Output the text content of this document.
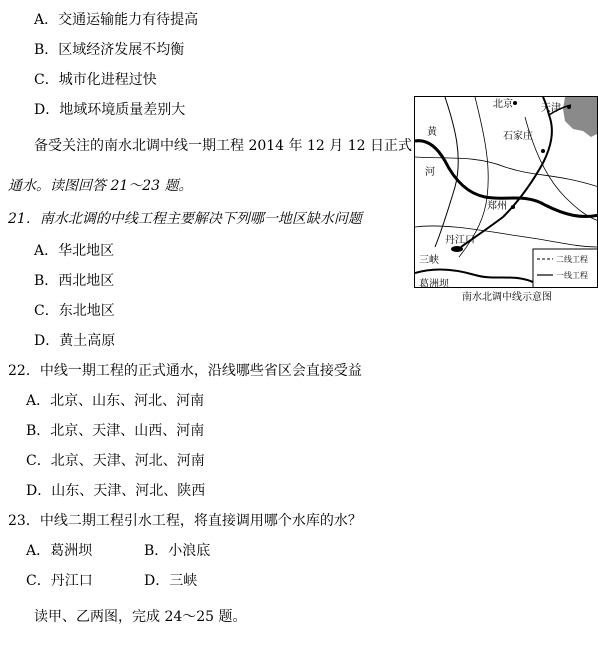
A．交通运输能力有待提高
B．区域经济发展不均衡
C．城市化进程过快
D．地域环境质量差别大
备受关注的南水北调中线一期工程 2014 年 12 月 12 日正式
通水。读图回答 21～23 题。
21．南水北调的中线工程主要解决下列哪一地区缺水问题
A．华北地区
B．西北地区
C．东北地区
D．黄土高原
22．中线一期工程的正式通水，沿线哪些省区会直接受益
A．北京、山东、河北、河南
B．北京、天津、山西、河南
C．北京、天津、河北、河南
D．山东、天津、河北、陕西
23．中线二期工程引水工程，将直接调用哪个水库的水？
A．葛洲坝	B．小浪底
C．丹江口	D．三峡
读甲、乙两图，完成 24～25 题。
北京	天津
石家庄
黄
河
郑州
丹江口
三峡
葛洲坝
二线工程
一线工程
南水北调中线示意图
